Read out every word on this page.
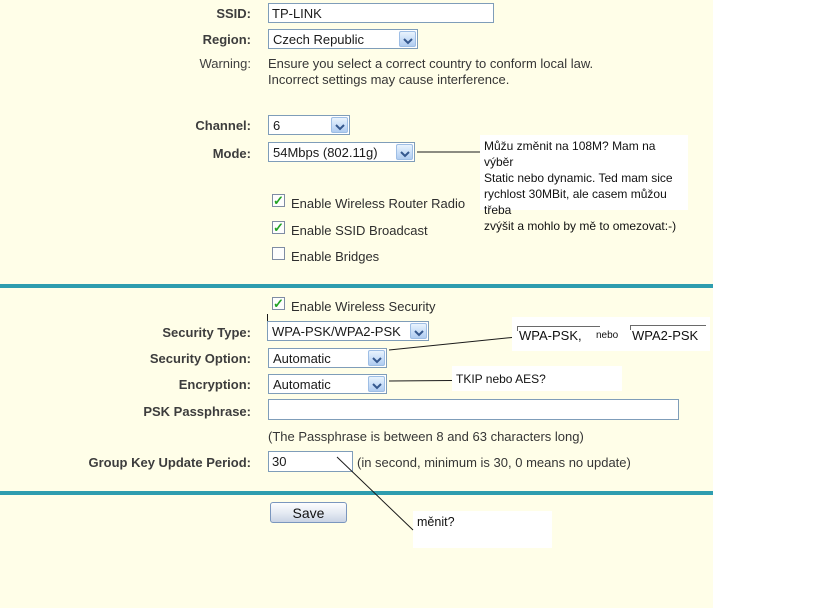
SSID:
TP-LINK
Region: Czech Republic
Warning: Ensure you select a correct country to conform local law.
Incorrect settings may cause interference.
Channel: 6
Mode: 54Mbps (802.11g)	Můžu změnit na 108M? Mam na výběr
Static nebo dynamic. Ted mam sice
rychlost 30MBit, ale casem můžou třeba
zvýšit a mohlo by mě to omezovat:-)
✓
Enable Wireless Router Radio
✓
Enable SSID Broadcast
Enable Bridges
✓
Enable Wireless Security
Security Type: WPA-PSK/WPA2-PSK
Security Option: Automatic
Encryption: Automatic
WPA-PSK, nebo WPA2-PSK
TKIP nebo AES?
PSK Passphrase:
(The Passphrase is between 8 and 63 characters long)
Group Key Update Period:
30	(in second, minimum is 30, 0 means no update)
měnit?
Save
